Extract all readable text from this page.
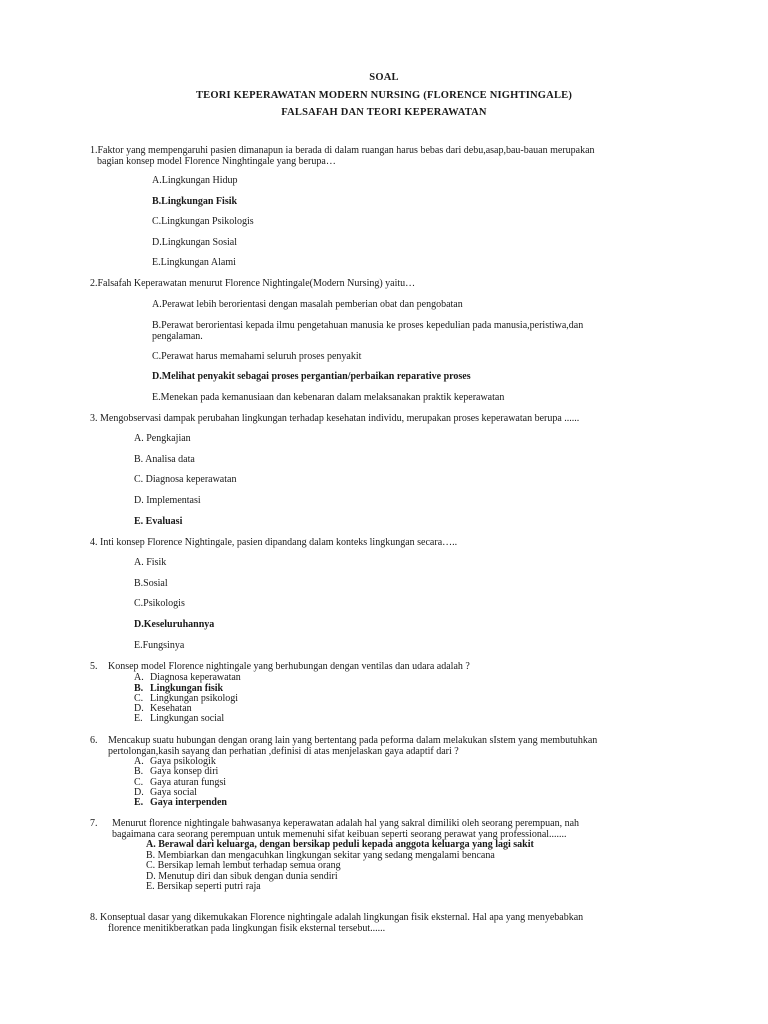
SOAL
TEORI KEPERAWATAN MODERN NURSING (FLORENCE NIGHTINGALE)
FALSAFAH DAN TEORI KEPERAWATAN
1.Faktor yang mempengaruhi pasien dimanapun ia berada di dalam ruangan harus bebas dari debu,asap,bau-bauan merupakan
bagian konsep model Florence Ninghtingale yang berupa…
A.Lingkungan Hidup
B.Lingkungan Fisik
C.Lingkungan Psikologis
D.Lingkungan Sosial
E.Lingkungan Alami
2.Falsafah Keperawatan menurut Florence Nightingale(Modern Nursing) yaitu…
A.Perawat lebih berorientasi dengan masalah pemberian obat dan pengobatan
B.Perawat berorientasi kepada ilmu pengetahuan manusia ke proses kepedulian pada manusia,peristiwa,dan
pengalaman.
C.Perawat harus memahami seluruh proses penyakit
D.Melihat penyakit sebagai proses pergantian/perbaikan reparative proses
E.Menekan pada kemanusiaan dan kebenaran dalam melaksanakan praktik keperawatan
3. Mengobservasi dampak perubahan lingkungan terhadap kesehatan individu, merupakan proses keperawatan berupa ......
A. Pengkajian
B. Analisa data
C. Diagnosa keperawatan
D. Implementasi
E. Evaluasi
4. Inti konsep Florence Nightingale, pasien dipandang dalam konteks lingkungan secara…..
A. Fisik
B.Sosial
C.Psikologis
D.Keseluruhannya
E.Fungsinya
5. Konsep model Florence nightingale yang berhubungan dengan ventilas dan udara adalah ?
A. Diagnosa keperawatan
B. Lingkungan fisik
C. Lingkungan psikologi
D. Kesehatan
E. Lingkungan social
6. Mencakup suatu hubungan dengan orang lain yang bertentang pada peforma dalam melakukan sIstem yang membutuhkan
pertolongan,kasih sayang dan perhatian ,definisi di atas menjelaskan gaya adaptif dari ?
A. Gaya psikologik
B. Gaya konsep diri
C. Gaya aturan fungsi
D. Gaya social
E. Gaya interpenden
7. Menurut florence nightingale bahwasanya keperawatan adalah hal yang sakral dimiliki oleh seorang perempuan, nah
bagaimana cara seorang perempuan untuk memenuhi sifat keibuan seperti seorang perawat yang professional.......
A. Berawal dari keluarga, dengan bersikap peduli kepada anggota keluarga yang lagi sakit
B. Membiarkan dan mengacuhkan lingkungan sekitar yang sedang mengalami bencana
C. Bersikap lemah lembut terhadap semua orang
D. Menutup diri dan sibuk dengan dunia sendiri
E. Bersikap seperti putri raja
8. Konseptual dasar yang dikemukakan Florence nightingale adalah lingkungan fisik eksternal. Hal apa yang menyebabkan
florence menitikberatkan pada lingkungan fisik eksternal tersebut......
